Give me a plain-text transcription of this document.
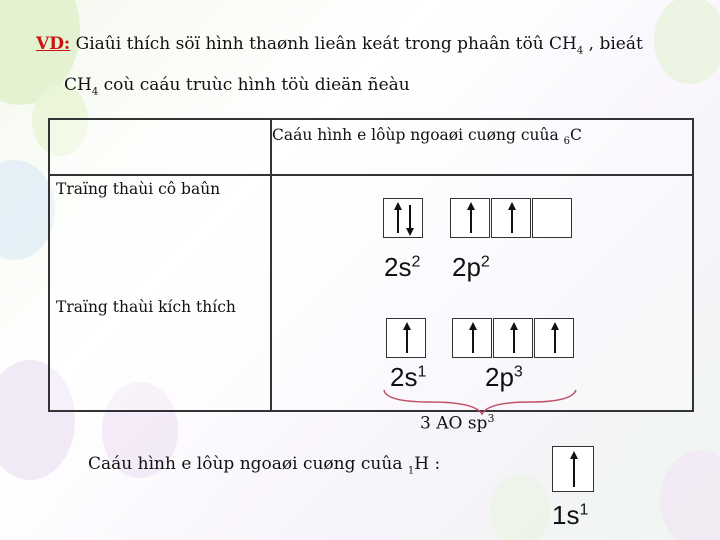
VD: Giaûi thích söï hình thaønh lieân keát trong phaân töû $CH_4$ , bieát
$CH_4$ coù caáu truùc hình töù dieän ñeàu
Caáu hình e lôùp ngoaøi cuøng cuûa $_6$C
Traïng thaùi cô baûn
Traïng thaùi kích thích
$2s^2$ $2p^2$
$2s^1$ $2p^3$
3 AO $sp^3$
Caáu hình e lôùp ngoaøi cuøng cuûa $_1$H :
$1s^1$
